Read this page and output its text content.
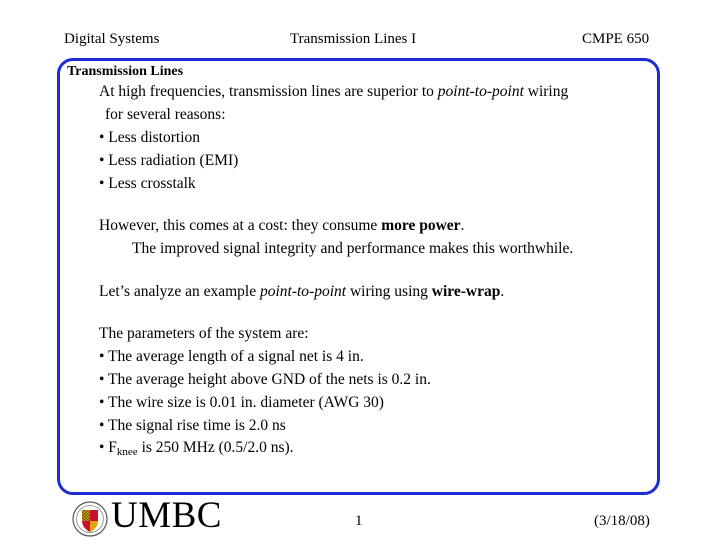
Digital Systems	Transmission Lines I	CMPE 650
Transmission Lines
At high frequencies, transmission lines are superior to point-to-point wiring
for several reasons:
• Less distortion
• Less radiation (EMI)
• Less crosstalk
However, this comes at a cost: they consume more power.
The improved signal integrity and performance makes this worthwhile.
Let’s analyze an example point-to-point wiring using wire-wrap.
The parameters of the system are:
• The average length of a signal net is 4 in.
• The average height above GND of the nets is 0.2 in.
• The wire size is 0.01 in. diameter (AWG 30)
• The signal rise time is 2.0 ns
• $F_{knee}$ is 250 MHz (0.5/2.0 ns).
UMBC	1	(3/18/08)
